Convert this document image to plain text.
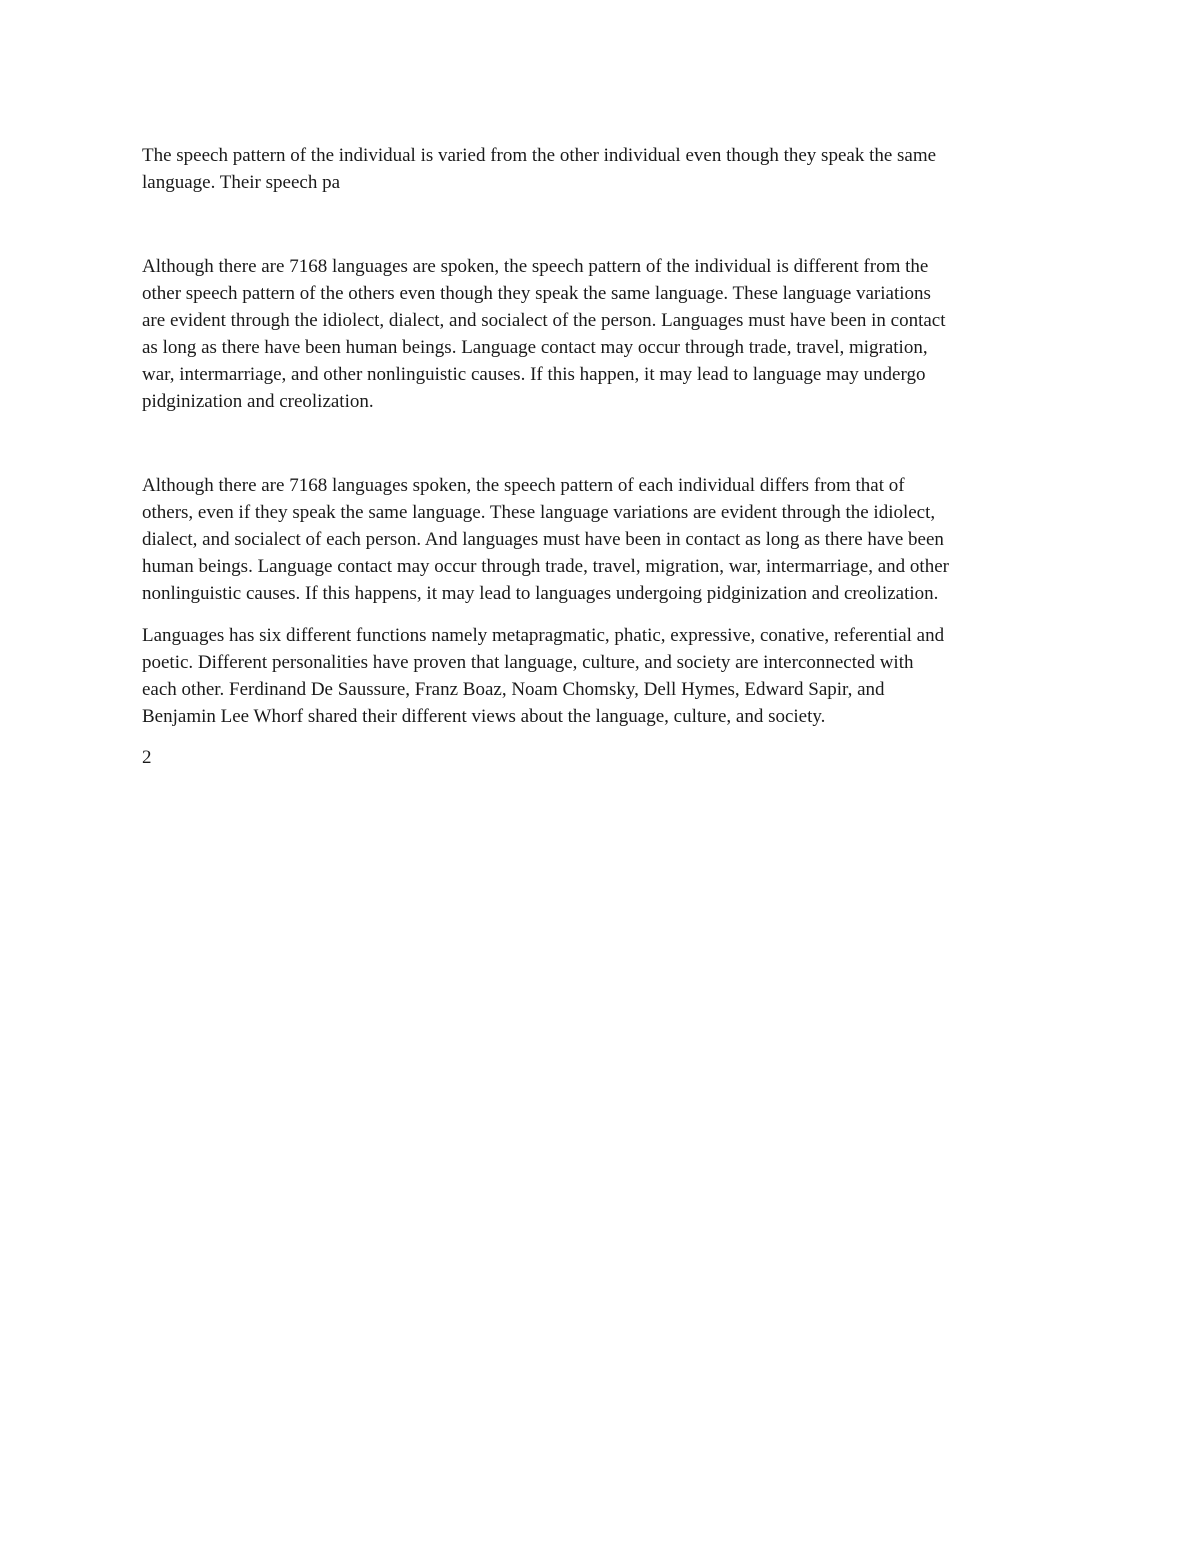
The speech pattern of the individual is varied from the other individual even though they speak the same
language. Their speech pa

Although there are 7168 languages are spoken, the speech pattern of the individual is different from the
other speech pattern of the others even though they speak the same language. These language variations
are evident through the idiolect, dialect, and socialect of the person. Languages must have been in contact
as long as there have been human beings. Language contact may occur through trade, travel, migration,
war, intermarriage, and other nonlinguistic causes. If this happen, it may lead to language may undergo
pidginization and creolization.

Although there are 7168 languages spoken, the speech pattern of each individual differs from that of
others, even if they speak the same language. These language variations are evident through the idiolect,
dialect, and socialect of each person. And languages must have been in contact as long as there have been
human beings. Language contact may occur through trade, travel, migration, war, intermarriage, and other
nonlinguistic causes. If this happens, it may lead to languages undergoing pidginization and creolization.

Languages has six different functions namely metapragmatic, phatic, expressive, conative, referential and
poetic. Different personalities have proven that language, culture, and society are interconnected with
each other. Ferdinand De Saussure, Franz Boaz, Noam Chomsky, Dell Hymes, Edward Sapir, and
Benjamin Lee Whorf shared their different views about the language, culture, and society.

2
